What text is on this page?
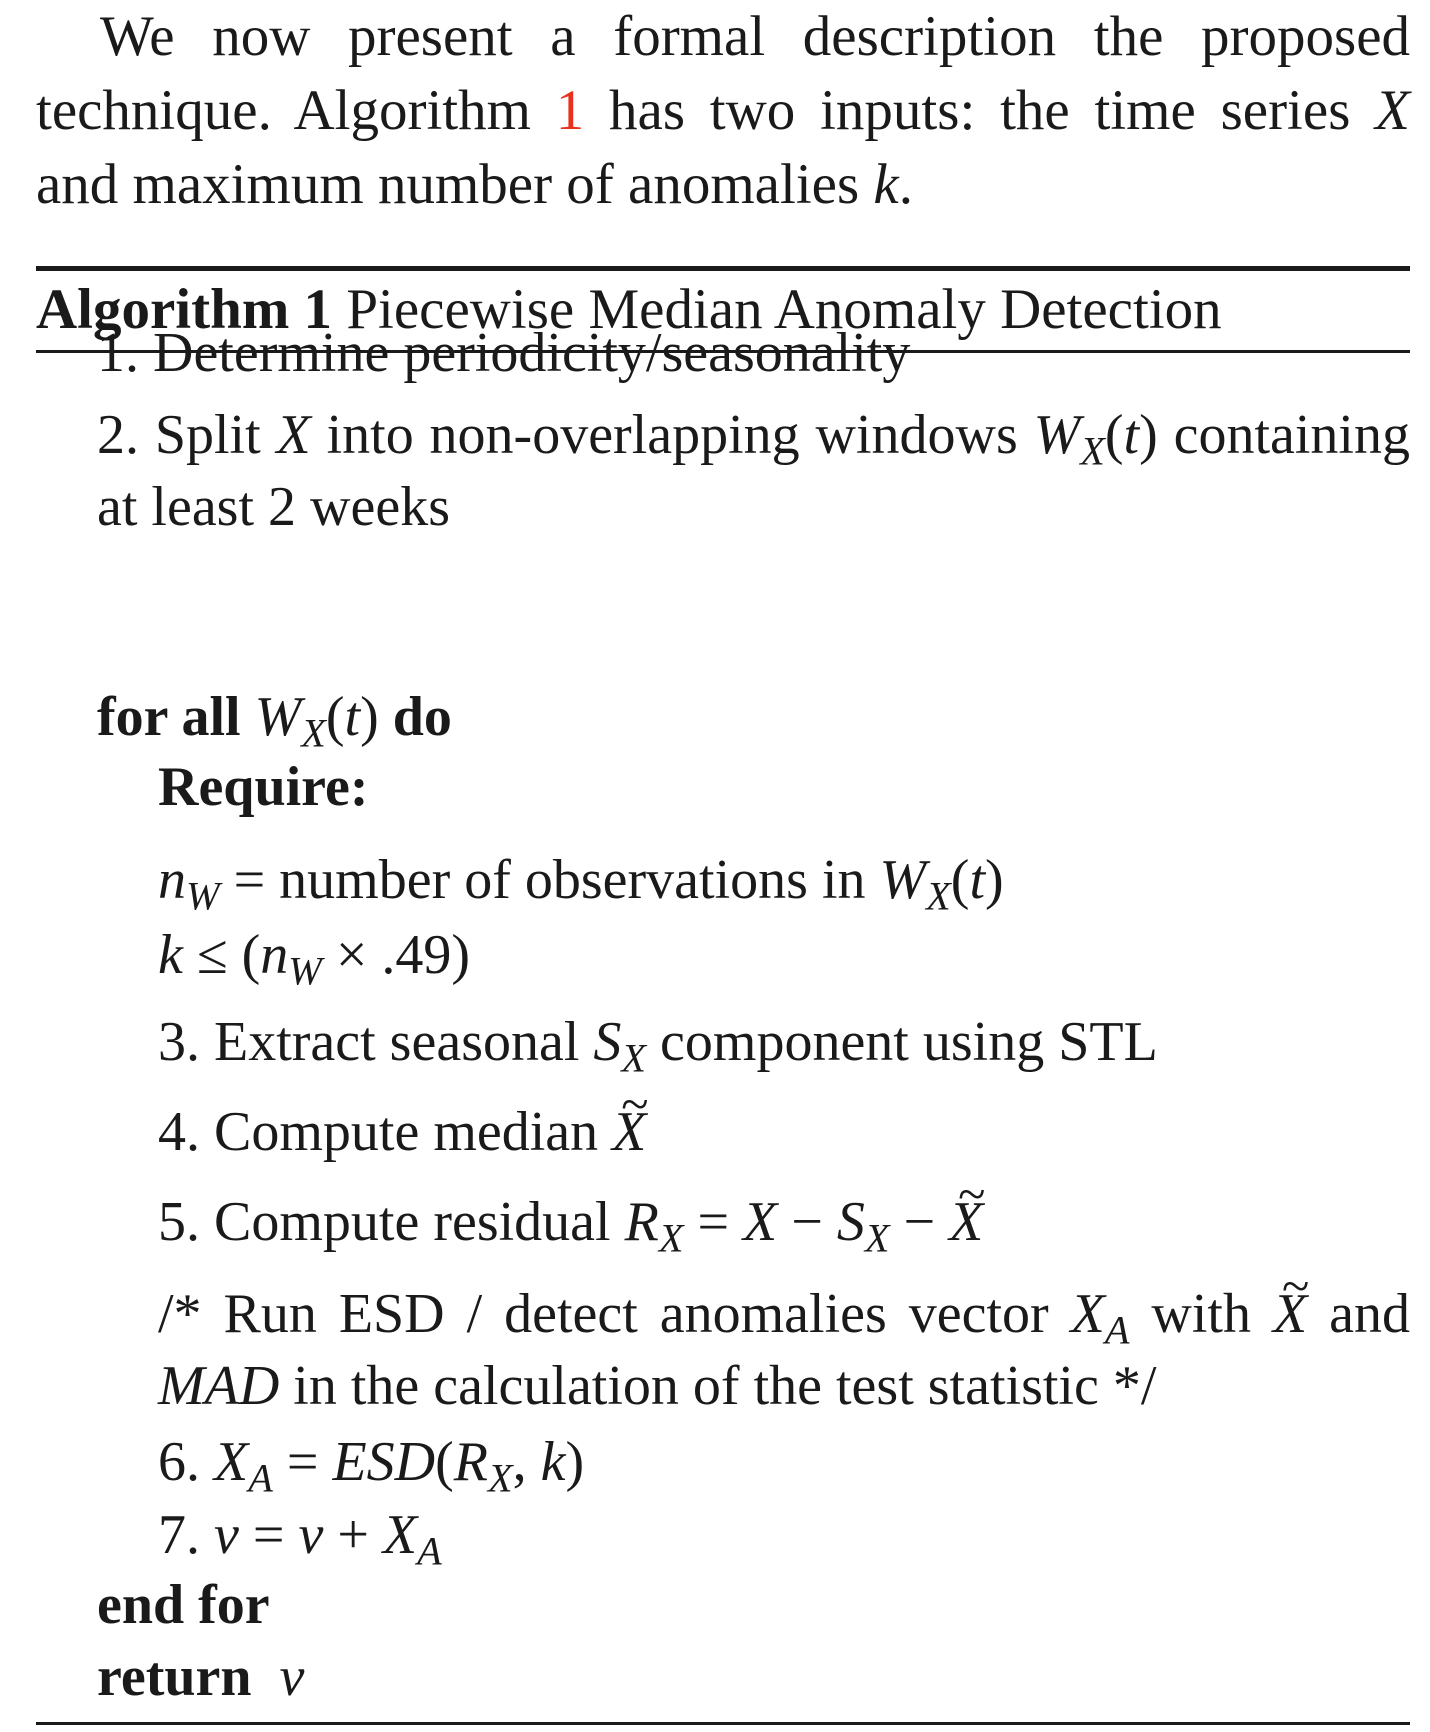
We now present a formal description the proposed technique. Algorithm 1 has two inputs: the time series X and maximum number of anomalies k.
Algorithm 1 Piecewise Median Anomaly Detection
1. Determine periodicity/seasonality
2. Split X into non-overlapping windows $W_X(t)$ containing at least 2 weeks
for all $W_X(t)$ do
Require:
$n_W$ = number of observations in $W_X(t)$
$k \le (n_W \times .49)$
3. Extract seasonal $S_X$ component using STL
4. Compute median ~ X
5. Compute residual $R_X = X - S_X$ − ~ X
/* Run ESD / detect anomalies vector $X_A$ with ~ X and MAD in the calculation of the test statistic */
6. $X_A = ESD(R_X$, k)
7. $v = v + X_A$
end for
return v
